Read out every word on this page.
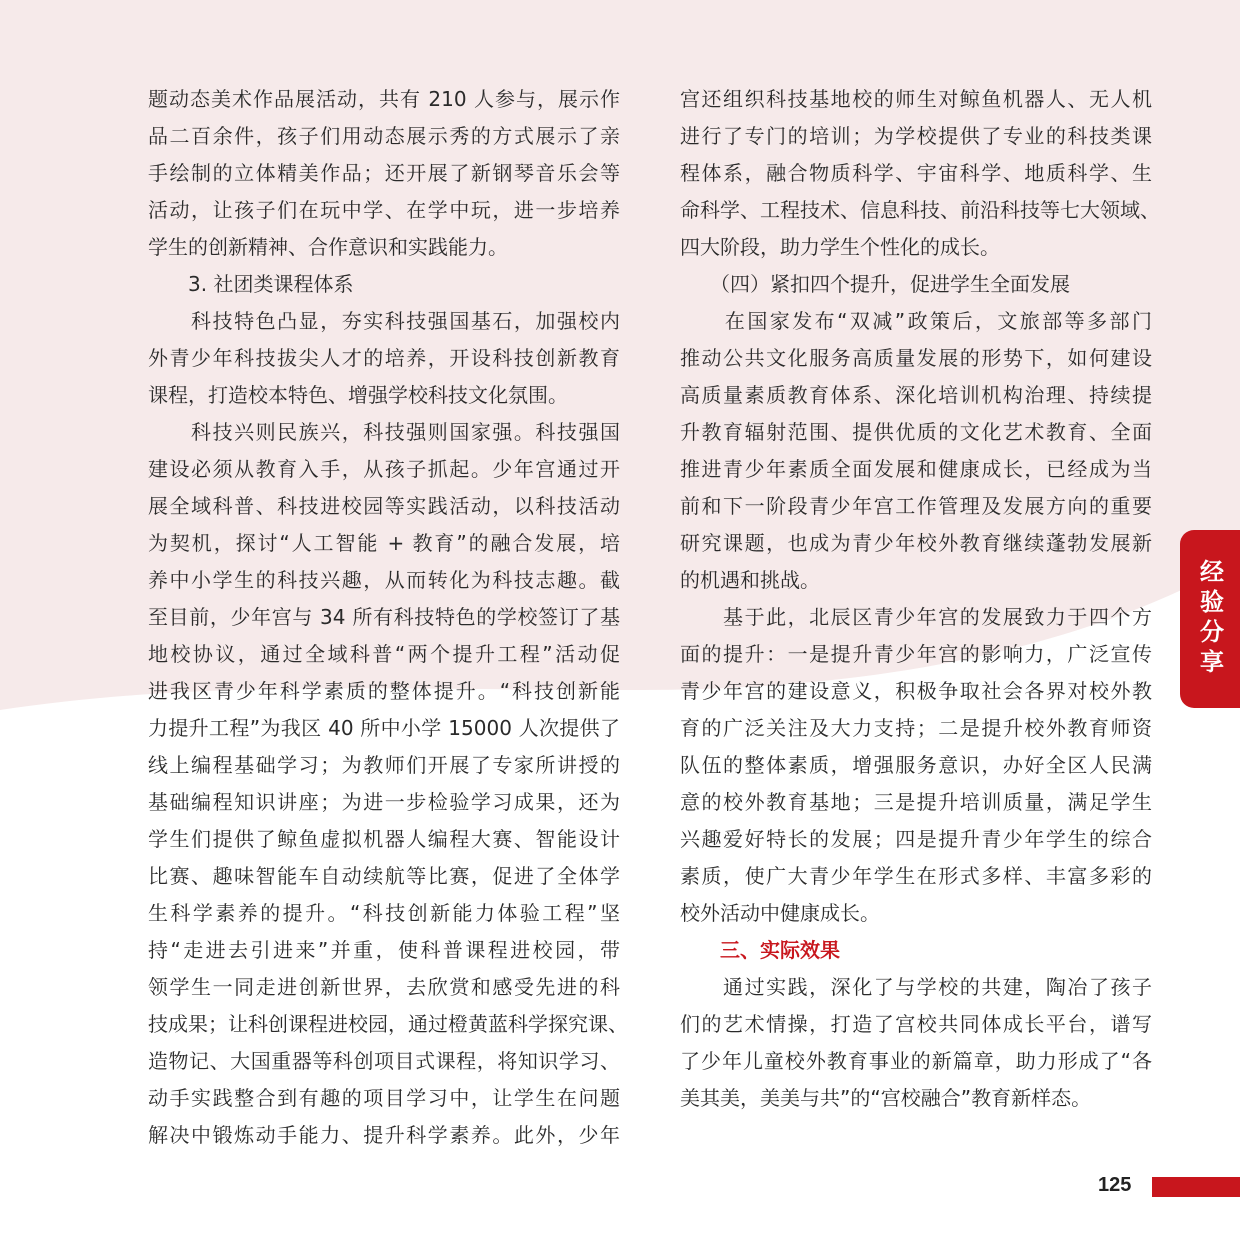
题动态美术作品展活动，共有 210 人参与，展示作
品二百余件，孩子们用动态展示秀的方式展示了亲
手绘制的立体精美作品；还开展了新钢琴音乐会等
活动，让孩子们在玩中学、在学中玩，进一步培养
学生的创新精神、合作意识和实践能力。
　　3. 社团类课程体系
　　科技特色凸显，夯实科技强国基石，加强校内
外青少年科技拔尖人才的培养，开设科技创新教育
课程，打造校本特色、增强学校科技文化氛围。
　　科技兴则民族兴，科技强则国家强。科技强国
建设必须从教育入手，从孩子抓起。少年宫通过开
展全域科普、科技进校园等实践活动，以科技活动
为契机，探讨“人工智能 + 教育”的融合发展，培
养中小学生的科技兴趣，从而转化为科技志趣。截
至目前，少年宫与 34 所有科技特色的学校签订了基
地校协议，通过全域科普“两个提升工程”活动促
进我区青少年科学素质的整体提升。“科技创新能
力提升工程”为我区 40 所中小学 15000 人次提供了
线上编程基础学习；为教师们开展了专家所讲授的
基础编程知识讲座；为进一步检验学习成果，还为
学生们提供了鲸鱼虚拟机器人编程大赛、智能设计
比赛、趣味智能车自动续航等比赛，促进了全体学
生科学素养的提升。“科技创新能力体验工程”坚
持“走进去引进来”并重，使科普课程进校园，带
领学生一同走进创新世界，去欣赏和感受先进的科
技成果；让科创课程进校园，通过橙黄蓝科学探究课、
造物记、大国重器等科创项目式课程，将知识学习、
动手实践整合到有趣的项目学习中，让学生在问题
解决中锻炼动手能力、提升科学素养。此外，少年
宫还组织科技基地校的师生对鲸鱼机器人、无人机
进行了专门的培训；为学校提供了专业的科技类课
程体系，融合物质科学、宇宙科学、地质科学、生
命科学、工程技术、信息科技、前沿科技等七大领域、
四大阶段，助力学生个性化的成长。
　　（四）紧扣四个提升，促进学生全面发展
　　在国家发布“双减”政策后，文旅部等多部门
推动公共文化服务高质量发展的形势下，如何建设
高质量素质教育体系、深化培训机构治理、持续提
升教育辐射范围、提供优质的文化艺术教育、全面
推进青少年素质全面发展和健康成长，已经成为当
前和下一阶段青少年宫工作管理及发展方向的重要
研究课题，也成为青少年校外教育继续蓬勃发展新
的机遇和挑战。
　　基于此，北辰区青少年宫的发展致力于四个方
面的提升：一是提升青少年宫的影响力，广泛宣传
青少年宫的建设意义，积极争取社会各界对校外教
育的广泛关注及大力支持；二是提升校外教育师资
队伍的整体素质，增强服务意识，办好全区人民满
意的校外教育基地；三是提升培训质量，满足学生
兴趣爱好特长的发展；四是提升青少年学生的综合
素质，使广大青少年学生在形式多样、丰富多彩的
校外活动中健康成长。
　　三、实际效果
　　通过实践，深化了与学校的共建，陶冶了孩子
们的艺术情操，打造了宫校共同体成长平台，谱写
了少年儿童校外教育事业的新篇章，助力形成了“各
美其美，美美与共”的“宫校融合”教育新样态。
经验分享
125
